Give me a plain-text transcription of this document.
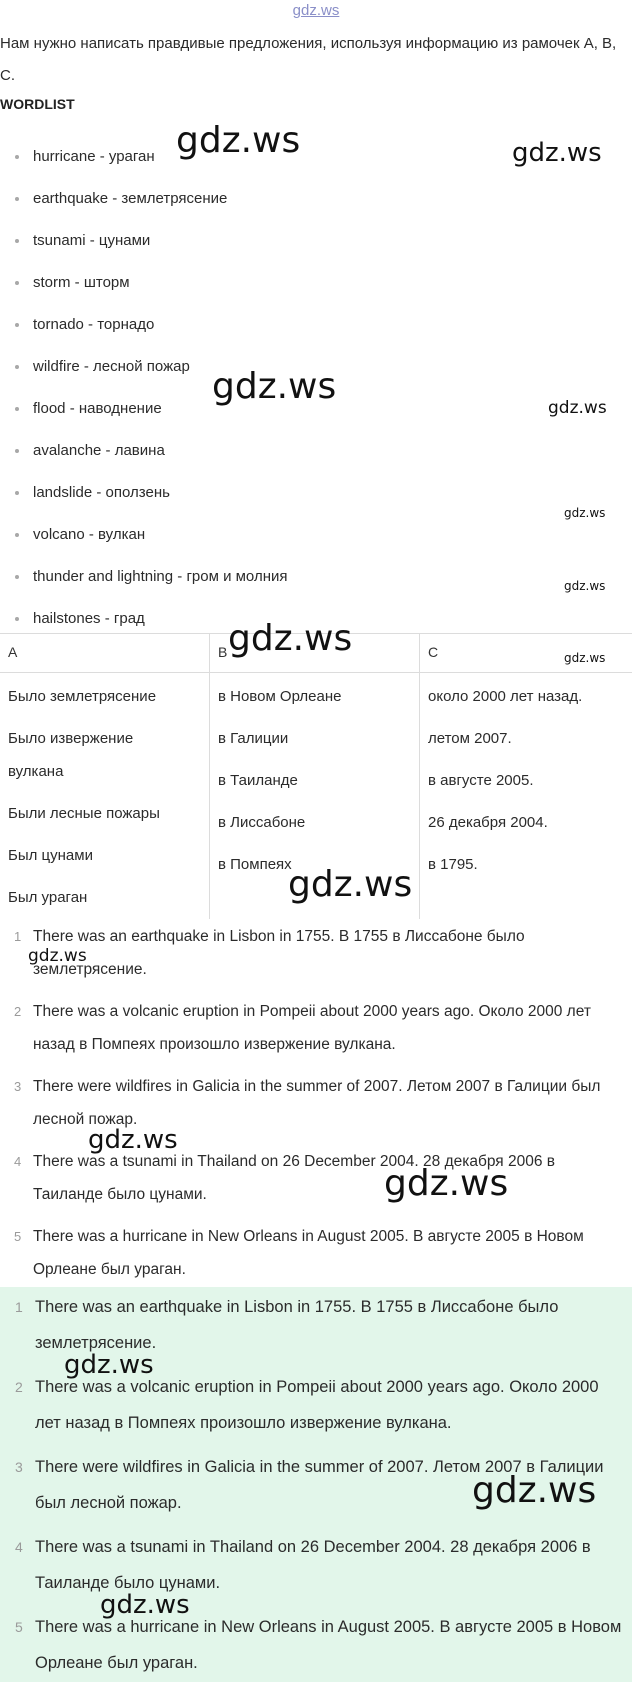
gdz.ws
Нам нужно написать правдивые предложения, используя информацию из рамочек A, B, C.
WORDLIST
hurricane - ураган
earthquake - землетрясение
tsunami - цунами
storm - шторм
tornado - торнадо
wildfire - лесной пожар
flood - наводнение
avalanche - лавина
landslide - оползень
volcano - вулкан
thunder and lightning - гром и молния
hailstones - град
A
Было землетрясение
Было извержение
вулкана
Были лесные пожары
Был цунами
Был ураган
B
в Новом Орлеане
в Галиции
в Таиланде
в Лиссабоне
в Помпеях
C
около 2000 лет назад.
летом 2007.
в августе 2005.
26 декабря 2004.
в 1795.
1 There was an earthquake in Lisbon in 1755. В 1755 в Лиссабоне было землетрясение.
2 There was a volcanic eruption in Pompeii about 2000 years ago. Около 2000 лет назад в Помпеях произошло извержение вулкана.
3 There were wildfires in Galicia in the summer of 2007. Летом 2007 в Галиции был лесной пожар.
4 There was a tsunami in Thailand on 26 December 2004. 28 декабря 2006 в Таиланде было цунами.
5 There was a hurricane in New Orleans in August 2005. В августе 2005 в Новом Орлеане был ураган.
1 There was an earthquake in Lisbon in 1755. В 1755 в Лиссабоне было землетрясение.
2 There was a volcanic eruption in Pompeii about 2000 years ago. Около 2000 лет назад в Помпеях произошло извержение вулкана.
3 There were wildfires in Galicia in the summer of 2007. Летом 2007 в Галиции был лесной пожар.
4 There was a tsunami in Thailand on 26 December 2004. 28 декабря 2006 в Таиланде было цунами.
5 There was a hurricane in New Orleans in August 2005. В августе 2005 в Новом Орлеане был ураган.
gdz.ws	gdz.ws
gdz.ws
gdz.ws
gdz.ws
gdz.ws
gdz.ws	gdz.ws
gdz.ws
gdz.ws
gdz.ws
gdz.ws
gdz.ws
gdz.ws
gdz.ws
